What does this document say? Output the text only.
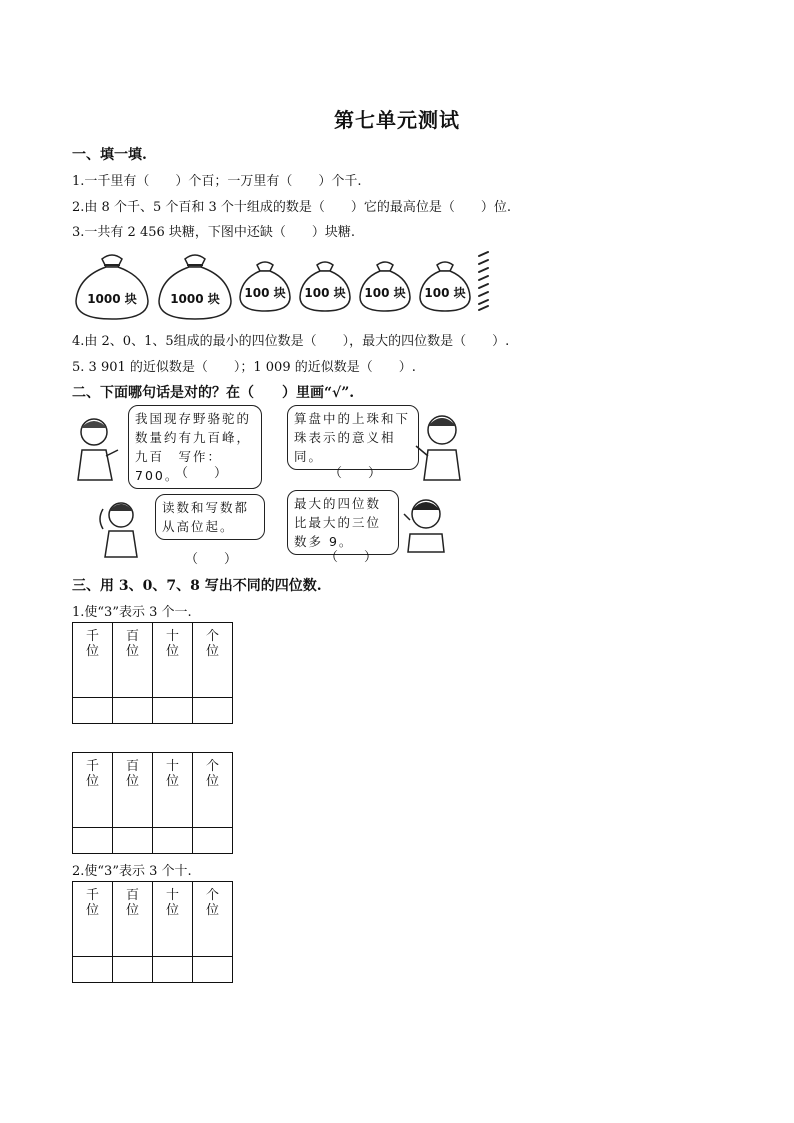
第七单元测试
一、填一填.
1.一千里有（　　）个百；一万里有（　　）个千.
2.由 8 个千、5 个百和 3 个十组成的数是（　　）它的最高位是（　　）位.
3.一共有 2 456 块糖，下图中还缺（　　）块糖.
1000 块	1000 块	100 块	100 块	100 块	100 块
4.由 2、0、1、5组成的最小的四位数是（　　），最大的四位数是（　　）.
5. 3 901 的近似数是（　　）；1 009 的近似数是（　　）.
二、下面哪句话是对的？在（　　）里画“√”.
我国现存野骆驼的数量约有九百峰，九百　写作：700。
（　　）
算盘中的上珠和下珠表示的意义相同。
（　　）
读数和写数都从高位起。
（　　）
最大的四位数比最大的三位数多 9。
（　　）
三、用 3、0、7、8 写出不同的四位数.
1.使“3”表示 3 个一.
千位	百位	十位	个位

千位	百位	十位	个位

2.使“3”表示 3 个十.
千位	百位	十位	个位
